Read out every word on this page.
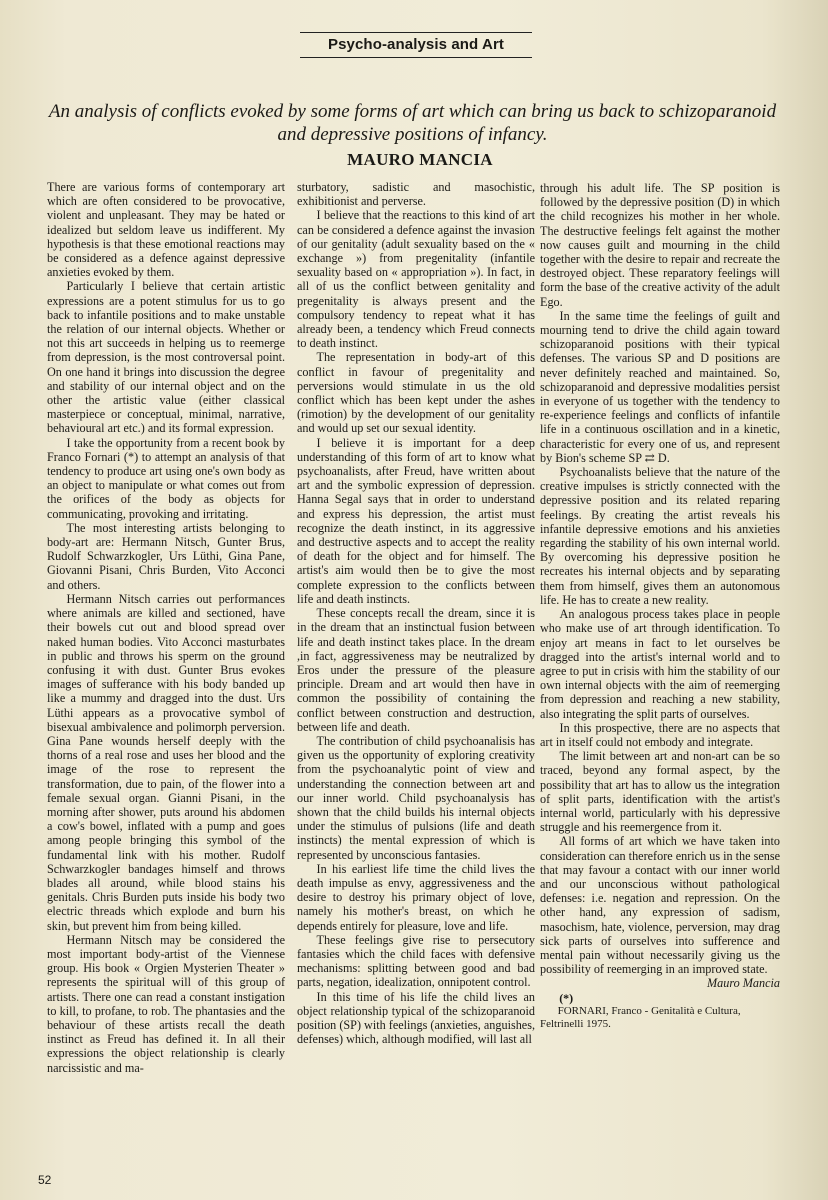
Psycho-analysis and Art
An analysis of conflicts evoked by some forms of art which can bring us back to schizoparanoid and depressive positions of infancy.
MAURO MANCIA

There are various forms of contemporary art which are often considered to be provocative, violent and unpleasant. They may be hated or idealized but seldom leave us indifferent. My hypothesis is that these emotional reactions may be considered as a defence against depressive anxieties evoked by them.

Particularly I believe that certain artistic expressions are a potent stimulus for us to go back to infantile positions and to make unstable the relation of our internal objects. Whether or not this art succeeds in helping us to reemerge from depression, is the most controversal point. On one hand it brings into discussion the degree and stability of our internal object and on the other the artistic value (either classical masterpiece or conceptual, minimal, narrative, behavioural art etc.) and its formal expression.

I take the opportunity from a recent book by Franco Fornari (*) to attempt an analysis of that tendency to produce art using one's own body as an object to manipulate or what comes out from the orifices of the body as objects for communicating, provoking and irritating.

The most interesting artists belonging to body-art are: Hermann Nitsch, Gunter Brus, Rudolf Schwarzkogler, Urs Lüthi, Gina Pane, Giovanni Pisani, Chris Burden, Vito Acconci and others.

Hermann Nitsch carries out performances where animals are killed and sectioned, have their bowels cut out and blood spread over naked human bodies. Vito Acconci masturbates in public and throws his sperm on the ground confusing it with dust. Gunter Brus evokes images of sufferance with his body banded up like a mummy and dragged into the dust. Urs Lüthi appears as a provocative symbol of bisexual ambivalence and polimorph perversion. Gina Pane wounds herself deeply with the thorns of a real rose and uses her blood and the image of the rose to represent the transformation, due to pain, of the flower into a female sexual organ. Gianni Pisani, in the morning after shower, puts around his abdomen a cow's bowel, inflated with a pump and goes among people bringing this symbol of the fundamental link with his mother. Rudolf Schwarzkogler bandages himself and throws blades all around, while blood stains his genitals. Chris Burden puts inside his body two electric threads which explode and burn his skin, but prevent him from being killed.

Hermann Nitsch may be considered the most important body-artist of the Viennese group. His book « Orgien Mysterien Theater » represents the spiritual will of this group of artists. There one can read a constant instigation to kill, to profane, to rob. The phantasies and the behaviour of these artists recall the death instinct as Freud has defined it. In all their expressions the object relationship is clearly narcissistic and ma-

sturbatory, sadistic and masochistic, exhibitionist and perverse.

I believe that the reactions to this kind of art can be considered a defence against the invasion of our genitality (adult sexuality based on the « exchange ») from pregenitality (infantile sexuality based on « appropriation »). In fact, in all of us the conflict between genitality and pregenitality is always present and the compulsory tendency to repeat what it has already been, a tendency which Freud connects to death instinct.

The representation in body-art of this conflict in favour of pregenitality and perversions would stimulate in us the old conflict which has been kept under the ashes (rimotion) by the development of our genitality and would up set our sexual identity.

I believe it is important for a deep understanding of this form of art to know what psychoanalists, after Freud, have written about art and the symbolic expression of depression. Hanna Segal says that in order to understand and express his depression, the artist must recognize the death instinct, in its aggressive and destructive aspects and to accept the reality of death for the object and for himself. The artist's aim would then be to give the most complete expression to the conflicts between life and death instincts.

These concepts recall the dream, since it is in the dream that an instinctual fusion between life and death instinct takes place. In the dream ,in fact, aggressiveness may be neutralized by Eros under the pressure of the pleasure principle. Dream and art would then have in common the possibility of containing the conflict between construction and destruction, between life and death.

The contribution of child psychoanalisis has given us the opportunity of exploring creativity from the psychoanalytic point of view and understanding the connection between art and our inner world. Child psychoanalysis has shown that the child builds his internal objects under the stimulus of pulsions (life and death instincts) the mental expression of which is represented by unconscious fantasies.

In his earliest life time the child lives the death impulse as envy, aggressiveness and the desire to destroy his primary object of love, namely his mother's breast, on which he depends entirely for pleasure, love and life.

These feelings give rise to persecutory fantasies which the child faces with defensive mechanisms: splitting between good and bad parts, negation, idealization, onnipotent control.

In this time of his life the child lives an object relationship typical of the schizoparanoid position (SP) with feelings (anxieties, anguishes, defenses) which, although modified, will last all

through his adult life. The SP position is followed by the depressive position (D) in which the child recognizes his mother in her whole. The destructive feelings felt against the mother now causes guilt and mourning in the child together with the desire to repair and recreate the destroyed object. These reparatory feelings will form the base of the creative activity of the adult Ego.

In the same time the feelings of guilt and mourning tend to drive the child again toward schizoparanoid positions with their typical defenses. The various SP and D positions are never definitely reached and maintained. So, schizoparanoid and depressive modalities persist in everyone of us together with the tendency to re-experience feelings and conflicts of infantile life in a continuous oscillation and in a kinetic, characteristic for every one of us, and represent by Bion's scheme SP ⇄ D.

Psychoanalists believe that the nature of the creative impulses is strictly connected with the depressive position and its related reparing feelings. By creating the artist reveals his infantile depressive emotions and his anxieties regarding the stability of his own internal world. By overcoming his depressive position he recreates his internal objects and by separating them from himself, gives them an autonomous life. He has to create a new reality.

An analogous process takes place in people who make use of art through identification. To enjoy art means in fact to let ourselves be dragged into the artist's internal world and to agree to put in crisis with him the stability of our own internal objects with the aim of reemerging from depression and reaching a new stability, also integrating the split parts of ourselves.

In this prospective, there are no aspects that art in itself could not embody and integrate.

The limit between art and non-art can be so traced, beyond any formal aspect, by the possibility that art has to allow us the integration of split parts, identification with the artist's internal world, particularly with his depressive struggle and his reemergence from it.

All forms of art which we have taken into consideration can therefore enrich us in the sense that may favour a contact with our inner world and our unconscious without pathological defenses: i.e. negation and repression. On the other hand, any expression of sadism, masochism, hate, violence, perversion, may drag sick parts of ourselves into sufference and mental pain without necessarily giving us the possibility of reemerging in an improved state.

Mauro Mancia

(*)

FORNARI, Franco - Genitalità e Cultura, Feltrinelli 1975.

52
